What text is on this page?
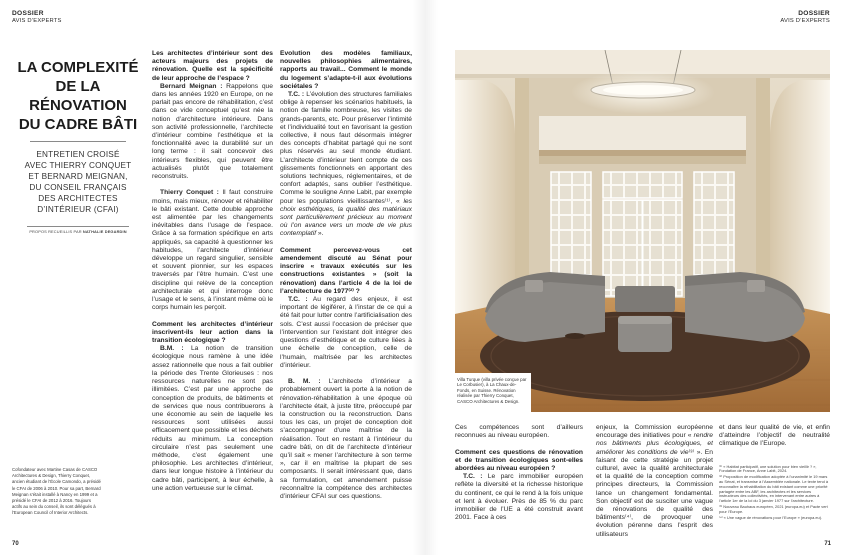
DOSSIER
AVIS D’EXPERTS
LA COMPLEXITÉ
DE LA
RÉNOVATION
DU CADRE BÂTI
ENTRETIEN CROISÉ
AVEC THIERRY CONQUET
ET BERNARD MEIGNAN,
DU CONSEIL FRANÇAIS
DES ARCHITECTES
D’INTÉRIEUR (CFAI)
PROPOS RECUEILLIS PAR NATHALIE DEGARDIN
Cofondateur avec Martine Casas de CASCO Architectures & Design, Thierry Conquet, ancien étudiant de l’École Camondo, a présidé le CFAI de 2006 à 2010. Pour sa part, Bernard Meignan s’était installé à Nancy en 1999 et a présidé le CFAI de 2012 à 2016. Toujours actifs au sein du conseil, ils sont délégués à l’European Council of Interior Architects.

Les architectes d’intérieur sont des acteurs majeurs des projets de rénovation. Quelle est la spécificité de leur approche de l’espace ?

Bernard Meignan : Rappelons que dans les années 1920 en Europe, on ne parlait pas encore de réhabilitation, c’est dans ce vide conceptuel qu’est née la notion d’architecture intérieure. Dans son activité professionnelle, l’architecte d’intérieur combine l’esthétique et la fonctionnalité avec la durabilité sur un long terme : il sait concevoir des intérieurs flexibles, qui peuvent être actualisés plutôt que totalement reconstruits.

Thierry Conquet : Il faut construire moins, mais mieux, rénover et réhabiliter le bâti existant. Cette double approche est alimentée par les changements inévitables dans l’usage de l’espace. Grâce à sa formation spécifique en arts appliqués, sa capacité à questionner les habitudes, l’architecte d’intérieur développe un regard singulier, sensible et souvent pionnier, sur les espaces traversés par l’être humain. C’est une discipline qui relève de la conception architecturale et qui interroge donc l’usage et le sens, à l’instant même où le corps humain les perçoit.

Comment les architectes d’intérieur inscrivent-ils leur action dans la transition écologique ?

B.M. : La notion de transition écologique nous ramène à une idée assez rationnelle que nous a fait oublier la période des Trente Glorieuses : nos ressources naturelles ne sont pas illimitées. C’est par une approche de conception de produits, de bâtiments et de services que nous contribuerons à une économie au sein de laquelle les ressources sont utilisées aussi efficacement que possible et les déchets réduits au minimum. La conception circulaire n’est pas seulement une méthode, c’est également une philosophie. Les architectes d’intérieur, dans leur longue histoire à l’intérieur du cadre bâti, participent, à leur échelle, à une action vertueuse sur le climat.

Évolution des modèles familiaux, nouvelles philosophies alimentaires, rapports au travail... Comment le monde du logement s’adapte-t-il aux évolutions sociétales ?

T.C. : L’évolution des structures familiales oblige à repenser les scénarios habituels, la notion de famille nombreuse, les visites de grands-parents, etc. Pour préserver l’intimité et l’individualité tout en favorisant la gestion collective, il nous faut désormais intégrer des concepts d’habitat partagé qui ne sont plus réservés au seul monde étudiant. L’architecte d’intérieur tient compte de ces glissements fonctionnels en apportant des solutions techniques, réglementaires, et de confort adaptés, sans oublier l’esthétique. Comme le souligne Anne Labit, par exemple pour les populations vieillissantes⁽¹⁾, « les choix esthétiques, la qualité des matériaux sont particulièrement précieux au moment où l’on avance vers un mode de vie plus contemplatif ».

Comment percevez-vous cet amendement discuté au Sénat pour inscrire « travaux exécutés sur les constructions existantes » (soit la rénovation) dans l’article 4 de la loi de l’architecture de 1977⁽²⁾ ?

T.C. : Au regard des enjeux, il est important de légiférer, à l’instar de ce qui a été fait pour lutter contre l’artificialisation des sols. C’est aussi l’occasion de préciser que l’intervention sur l’existant doit intégrer des questions d’esthétique et de culture liées à une échelle de conception, celle de l’humain, maîtrisée par les architectes d’intérieur.

B. M. : L’architecte d’intérieur a probablement ouvert la porte à la notion de rénovation-réhabilitation à une époque où l’architecte était, à juste titre, préoccupé par la construction ou la reconstruction. Dans tous les cas, un projet de conception doit s’accompagner d’une maîtrise de la réalisation. Tout en restant à l’intérieur du cadre bâti, on dit de l’architecte d’intérieur qu’il sait « mener l’architecture à son terme », car il en maîtrise la plupart de ses composants. Il serait intéressant que, dans sa formulation, cet amendement puisse reconnaître la compétence des architectes d’intérieur CFAI sur ces questions.

70
DOSSIER
AVIS D’EXPERTS
Villa Turque (villa privée conçue par Le Corbusier), à La Chaux-de-Fonds, en Suisse. Rénovation réalisée par Thierry Conquet, CASCO Architectures & Design.

Ces compétences sont d’ailleurs reconnues au niveau européen.

Comment ces questions de rénovation et de transition écologiques sont-elles abordées au niveau européen ?

T.C. : Le parc immobilier européen reflète la diversité et la richesse historique du continent, ce qui le rend à la fois unique et lent à évoluer. Près de 85 % du parc immobilier de l’UE a été construit avant 2001. Face à ces

enjeux, la Commission européenne encourage des initiatives pour « rendre nos bâtiments plus écologiques, et améliorer les conditions de vie⁽³⁾ ». En faisant de cette stratégie un projet culturel, avec la qualité architecturale et la qualité de la conception comme principes directeurs, la Commission lance un changement fondamental. Son objectif est de susciter une vague de rénovations de qualité des bâtiments⁽⁴⁾, de provoquer une évolution pérenne dans l’esprit des utilisateurs

et dans leur qualité de vie, et enfin d’atteindre l’objectif de neutralité climatique de l’Europe.

⁽¹⁾ « Habitat participatif, une solution pour bien vieillir ? », Fondation de France, Anne Labit, 2024.

⁽²⁾ Proposition de modification adoptée à l’unanimité le 19 mars au Sénat, et transmise à l’Assemblée nationale. Le texte tend à reconnaître la réhabilitation du bâti existant comme une priorité partagée entre les ABF, les architectes et les services instructeurs des collectivités, en intervenant entre autres à l’article 1er de la loi du 3 janvier 1977 sur l’architecture.

⁽³⁾ Nouveau Bauhaus européen, 2021 (europa.eu) et Pacte vert pour l’Europe.

⁽⁴⁾ « Une vague de rénovations pour l’Europe » (europa.eu).

71
